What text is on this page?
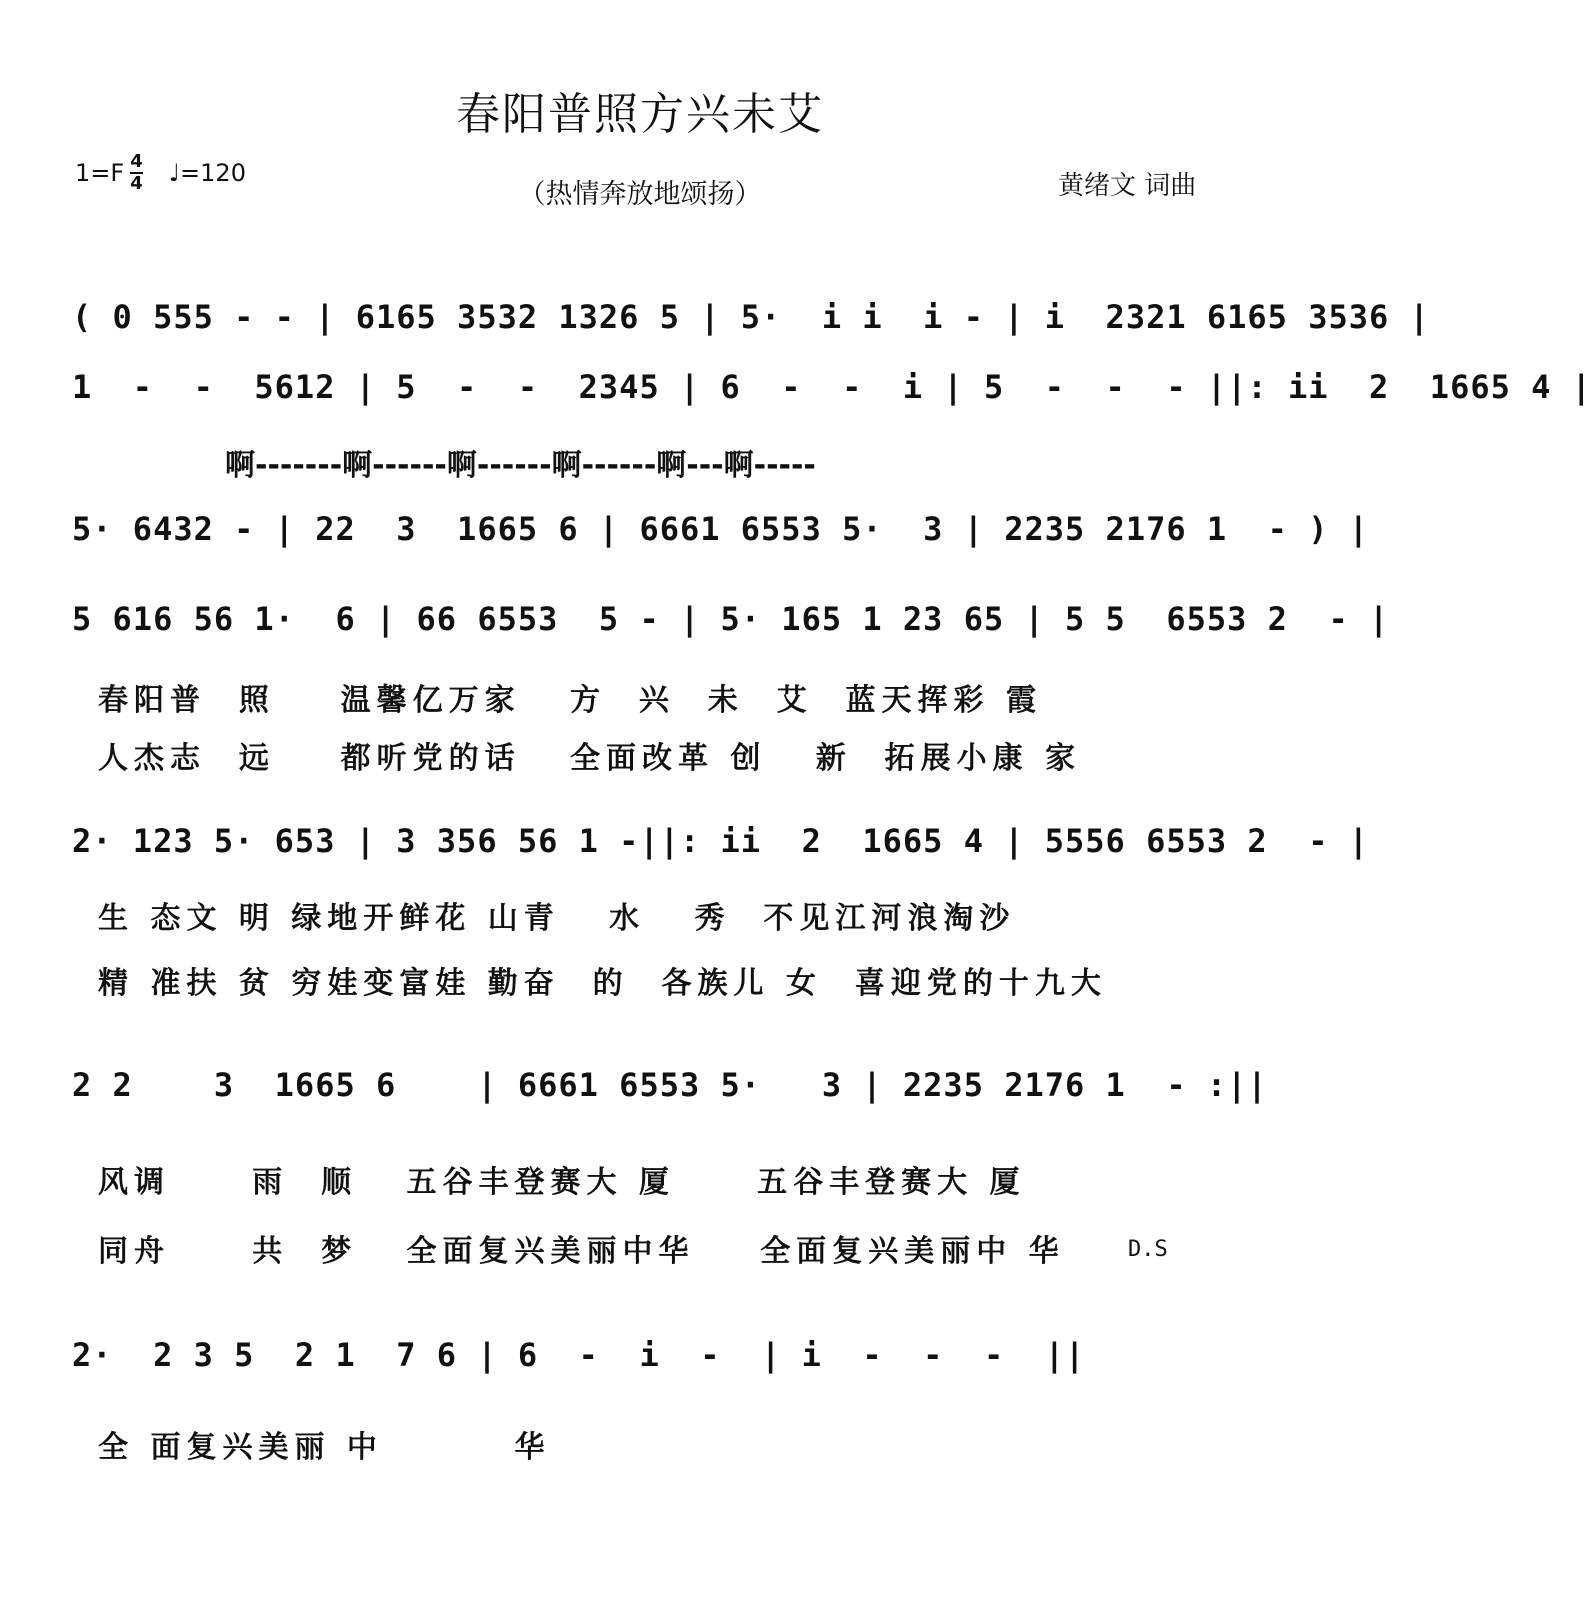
春阳普照方兴未艾
$1=F \frac{4}{4}$ ♩=120
（热情奔放地颂扬）	黄绪文 词曲
( 0 555 - - | 6165 3532 1326 5 | 5·  i i  i - | i  2321 6165 3536 |
1  -  -  5612 | 5  -  -  2345 | 6  -  -  i | 5  -  -  - ||: ii  2  1665 4 |
啊-------啊------啊------啊------啊---啊-----
5· 6432 - | 22  3  1665 6 | 6661 6553 5·  3 | 2235 2176 1  - ) |
5 616 56 1·  6 | 66 6553  5 - | 5· 165 1 23 65 | 5 5  6553 2  - |
春阳普  照    温馨亿万家   方  兴  未  艾  蓝天挥彩 霞
人杰志  远    都听党的话   全面改革 创   新  拓展小康 家
2· 123 5· 653 | 3 356 56 1 -||: ii  2  1665 4 | 5556 6553 2  - |
生 态文 明 绿地开鲜花 山青   水   秀  不见江河浪淘沙
精 准扶 贫 穷娃变富娃 勤奋  的  各族儿 女  喜迎党的十九大
2 2    3  1665 6    | 6661 6553 5·   3 | 2235 2176 1  - :||
风调     雨  顺   五谷丰登赛大 厦     五谷丰登赛大 厦
同舟     共  梦   全面复兴美丽中华    全面复兴美丽中 华	D.S
2·  2 3 5  2 1  7 6 | 6  -  i  -  | i  -  -  -  ||
全 面复兴美丽 中        华
